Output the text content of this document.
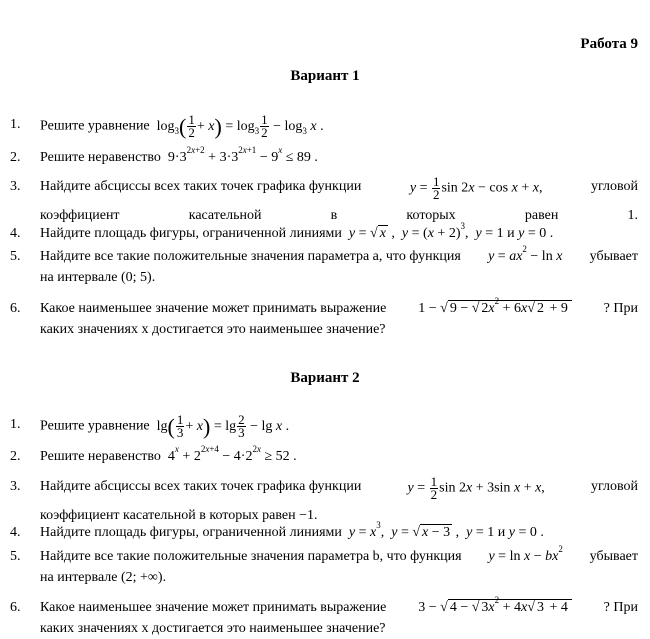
Работа 9
Вариант 1
1. Решите уравнение  $\log_3( \frac{1}{2} + x) = \log_3 \frac{1}{2} - \log_3 x$ .
2. Решите неравенство  $9\cdot 3^{2x+2} + 3\cdot 3^{2x+1} - 9^x \le 89$ .
3. Найдите абсциссы всех таких точек графика функции	$y = \frac{1}{2}$ sin 2x − cos x + x,	угловой
коэффициент касательной в которых равен 1.
4. Найдите площадь фигуры, ограниченной линиями y = √ x ,  $y = (x + 2)^3$,  y = 1 и y = 0 .
5. Найдите все такие положительные значения параметра a, что функция $y = ax^2 - \ln x$ убывает
на интервале (0; 5).
6. Какое наименьшее значение может принимать выражение 1 − √ 9 − √ $2x^2 + 6x√$ 2 + 9	? При
каких значениях x достигается это наименьшее значение?
Вариант 2
1. Решите уравнение  $\lg( \frac{1}{3} + x) = \lg \frac{2}{3} - \lg x$ .
2. Решите неравенство  $4^x + 2^{2x+4} - 4\cdot 2^{2x} \ge 52$ .
3. Найдите абсциссы всех таких точек графика функции	$y = \frac{1}{2}$ sin 2x + 3sin x + x,	угловой
коэффициент касательной в которых равен −1.
4. Найдите площадь фигуры, ограниченной линиями $y = x^3$,  y = √ x − 3 ,  y = 1 и y = 0 .
5. Найдите все такие положительные значения параметра b, что функция $y = \ln x - bx^2$ убывает
на интервале (2; +∞).
6. Какое наименьшее значение может принимать выражение 3 − √ 4 − √ $3x^2 + 4x√$ 3 + 4	? При
каких значениях x достигается это наименьшее значение?
